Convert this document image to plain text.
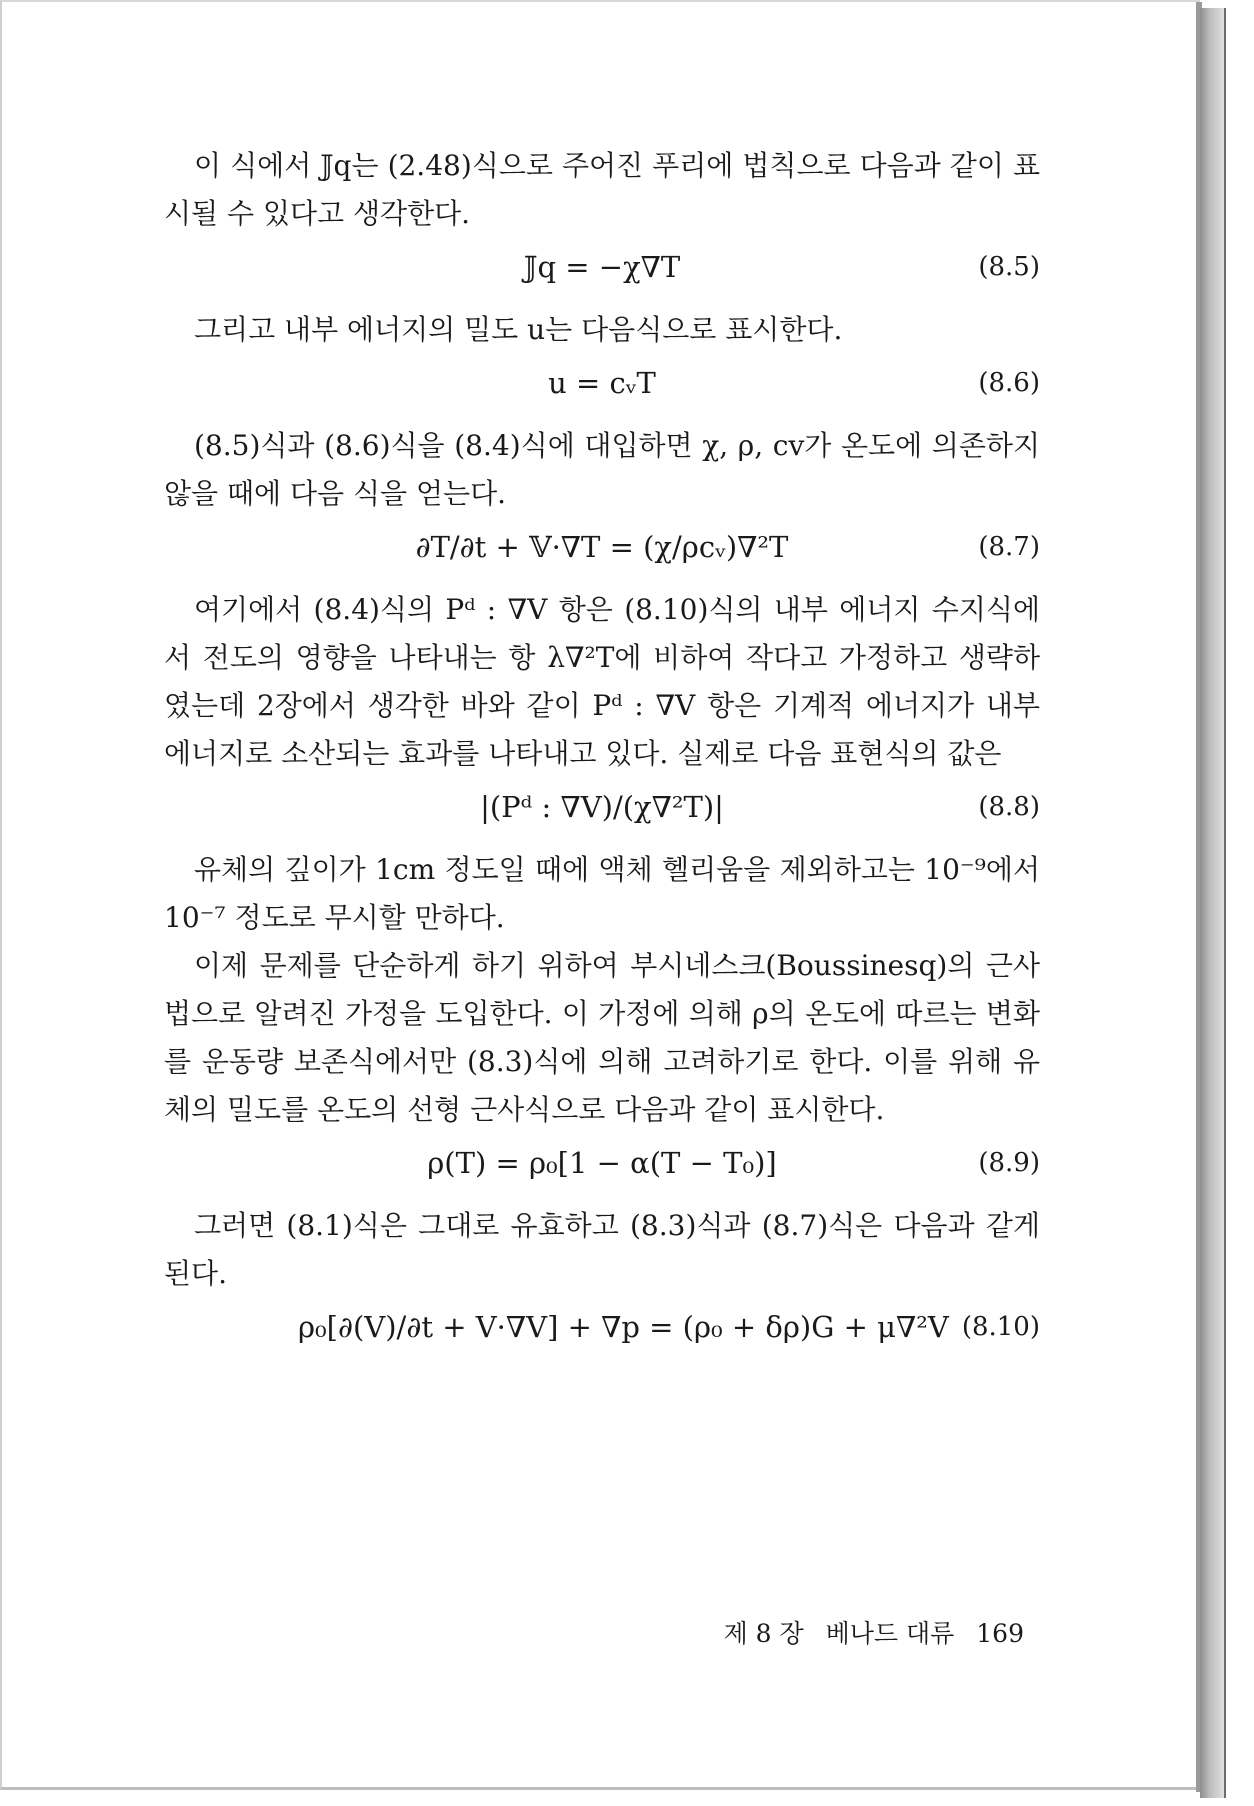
이 식에서 𝕁q는 (2.48)식으로 주어진 푸리에 법칙으로 다음과 같이 표시될 수 있다고 생각한다.

𝕁q = −χ∇T	(8.5)

그리고 내부 에너지의 밀도 u는 다음식으로 표시한다.

u = cᵥT	(8.6)

(8.5)식과 (8.6)식을 (8.4)식에 대입하면 χ, ρ, cv가 온도에 의존하지 않을 때에 다음 식을 얻는다.

∂T/∂t + 𝕍·∇T = (χ/ρcᵥ)∇²T	(8.7)

여기에서 (8.4)식의 Pᵈ : ∇V 항은 (8.10)식의 내부 에너지 수지식에서 전도의 영향을 나타내는 항 λ∇²T에 비하여 작다고 가정하고 생략하였는데 2장에서 생각한 바와 같이 Pᵈ : ∇V 항은 기계적 에너지가 내부 에너지로 소산되는 효과를 나타내고 있다. 실제로 다음 표현식의 값은

|(Pᵈ : ∇V)/(χ∇²T)|	(8.8)

유체의 깊이가 1cm 정도일 때에 액체 헬리움을 제외하고는 10⁻⁹에서 10⁻⁷ 정도로 무시할 만하다.

이제 문제를 단순하게 하기 위하여 부시네스크(Boussinesq)의 근사법으로 알려진 가정을 도입한다. 이 가정에 의해 ρ의 온도에 따르는 변화를 운동량 보존식에서만 (8.3)식에 의해 고려하기로 한다. 이를 위해 유체의 밀도를 온도의 선형 근사식으로 다음과 같이 표시한다.

ρ(T) = ρ₀[1 − α(T − T₀)]	(8.9)

그러면 (8.1)식은 그대로 유효하고 (8.3)식과 (8.7)식은 다음과 같게 된다.

ρ₀[∂(V)/∂t + V·∇V] + ∇p = (ρ₀ + δρ)G + μ∇²V (8.10)
제 8 장 베나드 대류 169
